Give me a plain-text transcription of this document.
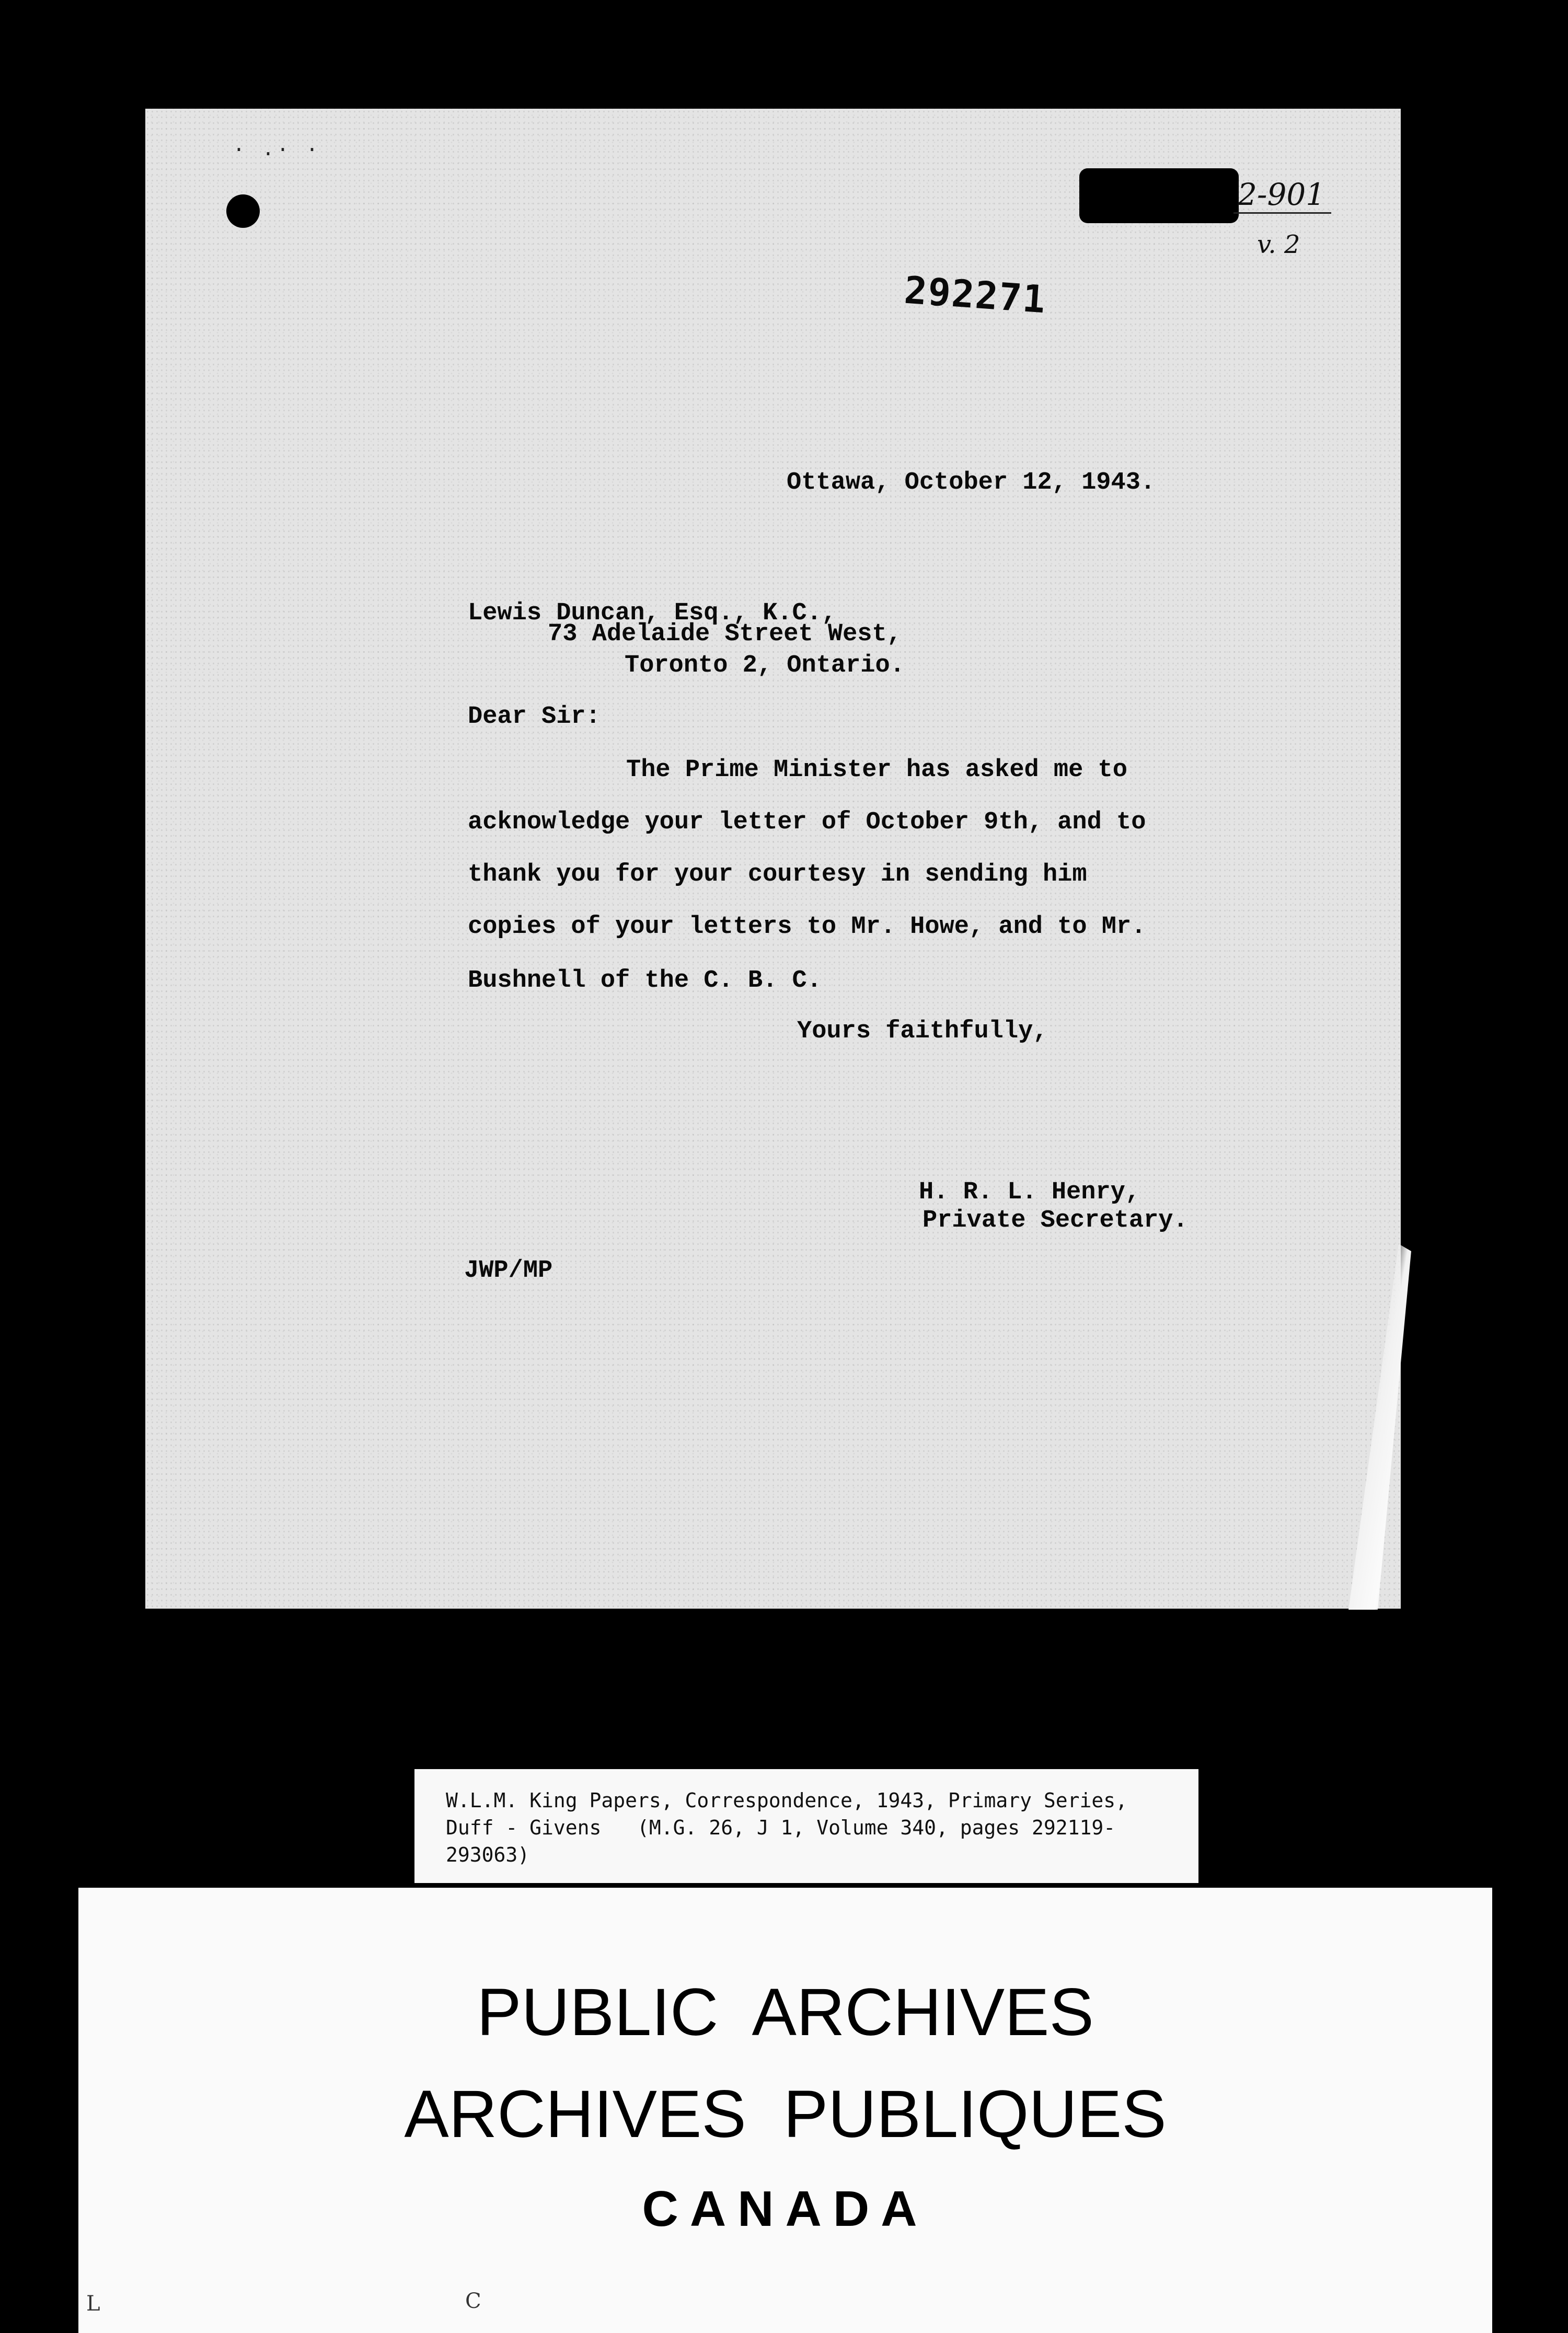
· .· ·
2-901
v. 2
292271
Ottawa, October 12, 1943.
Lewis Duncan, Esq., K.C.,
73 Adelaide Street West,
Toronto 2, Ontario.
Dear Sir:
The Prime Minister has asked me to
acknowledge your letter of October 9th, and to
thank you for your courtesy in sending him
copies of your letters to Mr. Howe, and to Mr.
Bushnell of the C. B. C.
Yours faithfully,
H. R. L. Henry,
Private Secretary.
JWP/MP
W.L.M. King Papers, Correspondence, 1943, Primary Series,
Duff - Givens   (M.G. 26, J 1, Volume 340, pages 292119-
293063)
PUBLIC  ARCHIVES
ARCHIVES  PUBLIQUES
CANADA
L	C
